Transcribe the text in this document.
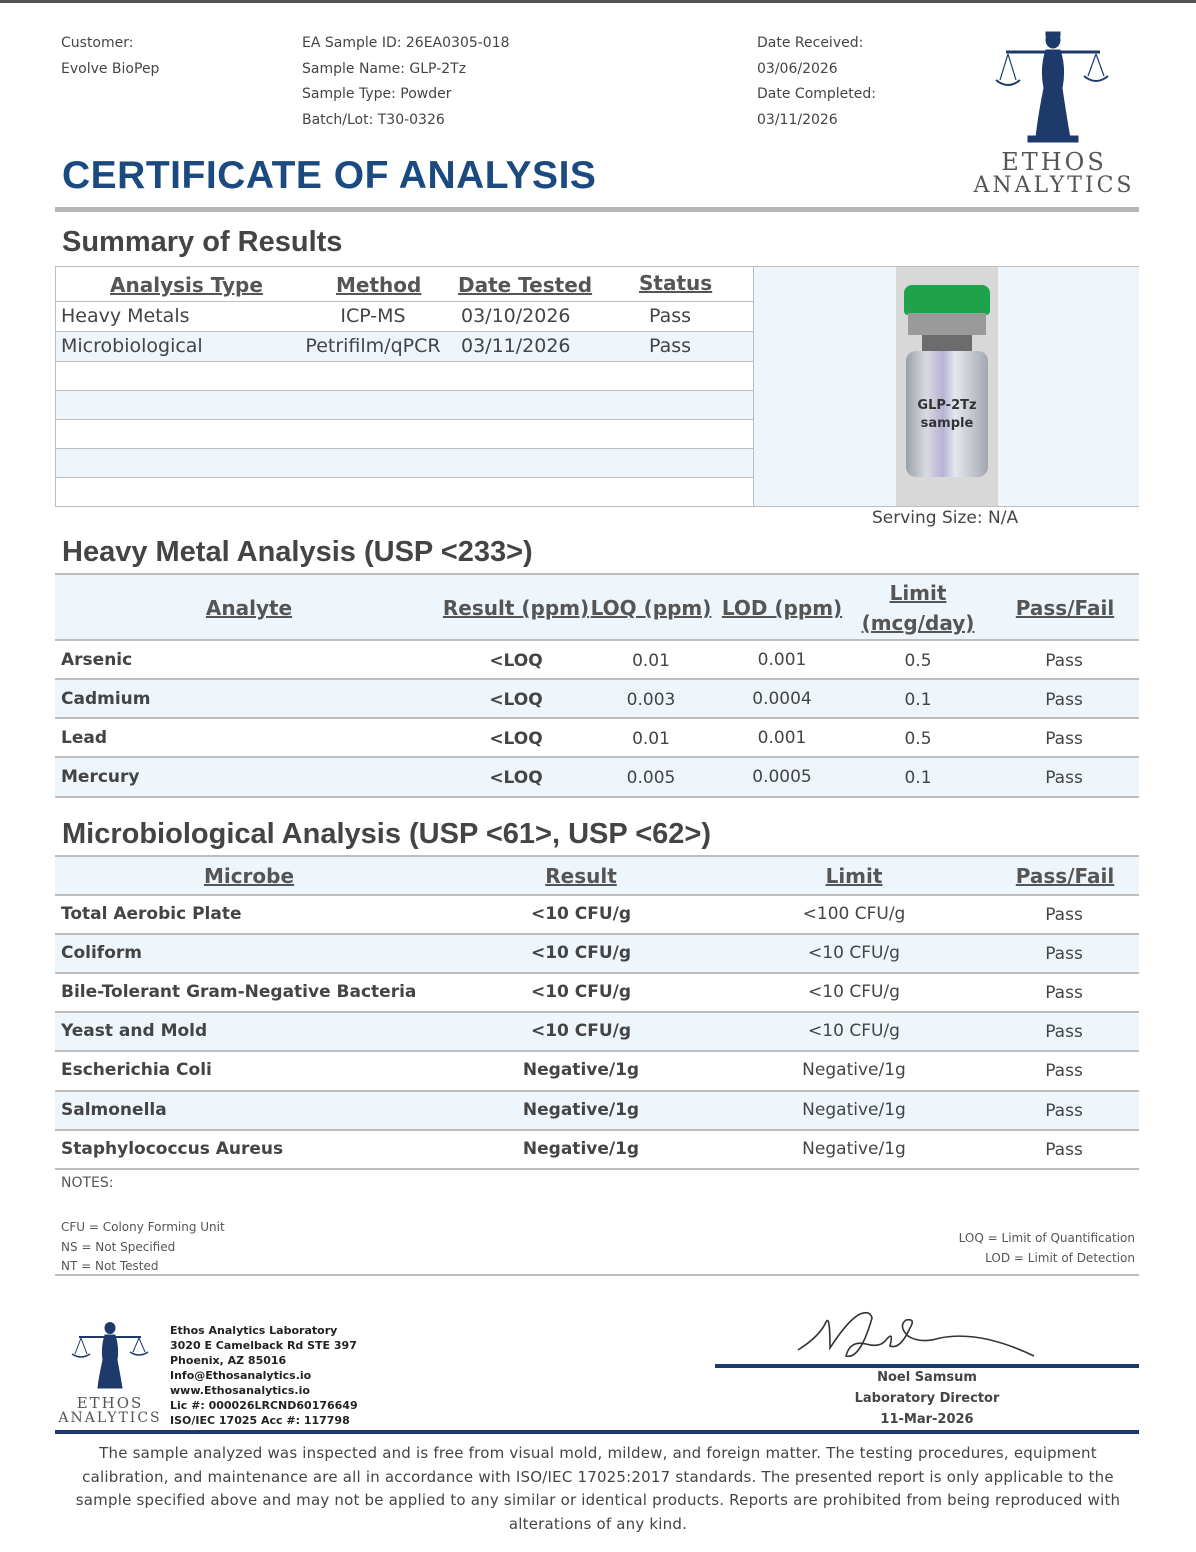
Customer:
Evolve BioPep
EA Sample ID: 26EA0305-018
Sample Name: GLP-2Tz
Sample Type: Powder
Batch/Lot: T30-0326
Date Received:
03/06/2026
Date Completed:
03/11/2026
ETHOS
ANALYTICS
CERTIFICATE OF ANALYSIS
Summary of Results
Analysis Type	Method Date Tested Status
Heavy Metals	ICP-MS	03/10/2026	Pass
Microbiological	Petrifilm/qPCR 03/11/2026	Pass
GLP-2Tz
sample
Serving Size: N/A
Heavy Metal Analysis (USP <233>)
Analyte	Result (ppm) LOQ (ppm) LOD (ppm)
Limit
(mcg/day)
Pass/Fail
Arsenic	<LOQ	0.01	0.001	0.5	Pass
Cadmium	<LOQ	0.003	0.0004	0.1	Pass
Lead	<LOQ	0.01	0.001	0.5	Pass
Mercury	<LOQ	0.005	0.0005	0.1	Pass
Microbiological Analysis (USP <61>, USP <62>)
Microbe	Result	Limit	Pass/Fail
Total Aerobic Plate	<10 CFU/g	<100 CFU/g	Pass
Coliform	<10 CFU/g	<10 CFU/g	Pass
Bile-Tolerant Gram-Negative Bacteria	<10 CFU/g	<10 CFU/g	Pass
Yeast and Mold	<10 CFU/g	<10 CFU/g	Pass
Escherichia Coli	Negative/1g	Negative/1g	Pass
Salmonella	Negative/1g	Negative/1g	Pass
Staphylococcus Aureus	Negative/1g	Negative/1g	Pass
NOTES:
CFU = Colony Forming Unit
NS = Not Specified
NT = Not Tested
LOQ = Limit of Quantification
LOD = Limit of Detection
ETHOS
ANALYTICS
Ethos Analytics Laboratory
3020 E Camelback Rd STE 397
Phoenix, AZ 85016
Info@Ethosanalytics.io
www.Ethosanalytics.io
Lic #: 000026LRCND60176649
ISO/IEC 17025 Acc #: 117798
Noel Samsum
Laboratory Director
11-Mar-2026
The sample analyzed was inspected and is free from visual mold, mildew, and foreign matter. The testing procedures, equipment calibration, and maintenance are all in accordance with ISO/IEC 17025:2017 standards. The presented report is only applicable to the sample specified above and may not be applied to any similar or identical products. Reports are prohibited from being reproduced with alterations of any kind.
